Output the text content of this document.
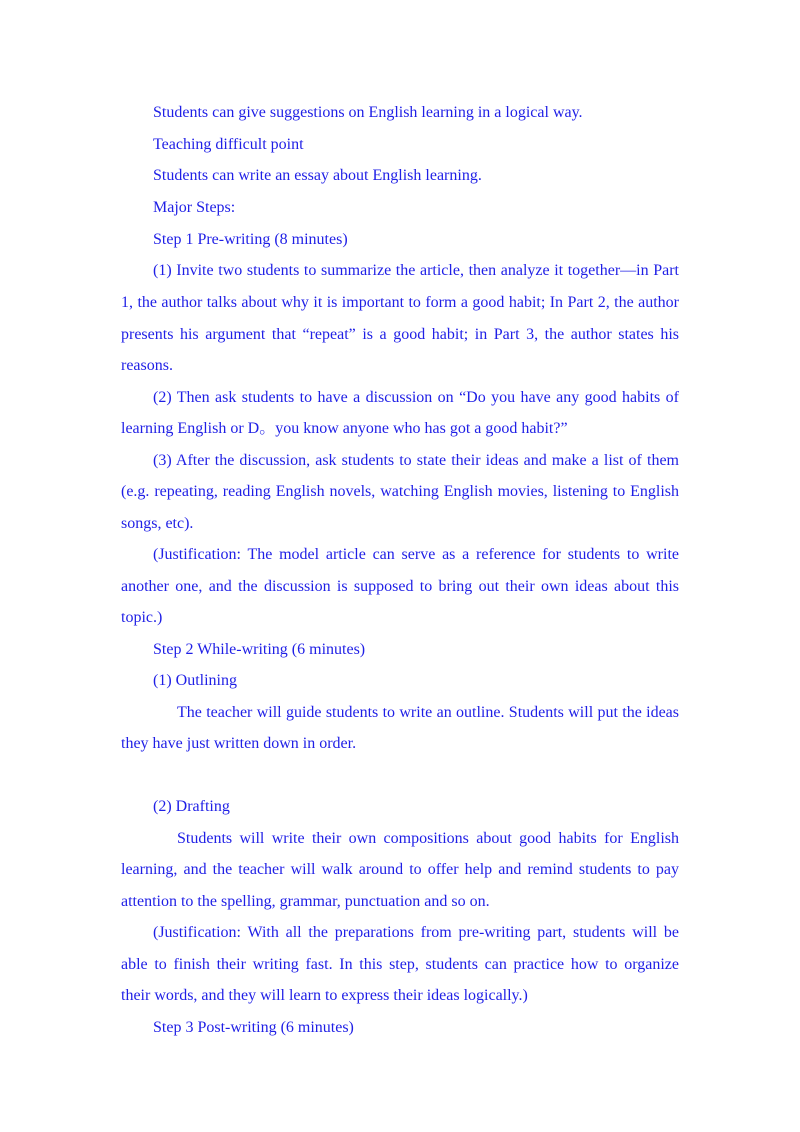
Students can give suggestions on English learning in a logical way.
Teaching difficult point
Students can write an essay about English learning.
Major Steps:
Step 1 Pre-writing (8 minutes)
(1) Invite two students to summarize the article, then analyze it together—in Part
1, the author talks about why it is important to form a good habit; In Part 2, the author
presents his argument that “repeat” is a good habit; in Part 3, the author states his
reasons.
(2) Then ask students to have a discussion on “Do you have any good habits of
learning English or D。you know anyone who has got a good habit?”
(3) After the discussion, ask students to state their ideas and make a list of them
(e.g. repeating, reading English novels, watching English movies, listening to English
songs, etc).
(Justification: The model article can serve as a reference for students to write
another one, and the discussion is supposed to bring out their own ideas about this
topic.)
Step 2 While-writing (6 minutes)
(1) Outlining
The teacher will guide students to write an outline. Students will put the ideas
they have just written down in order.
(2) Drafting
Students will write their own compositions about good habits for English
learning, and the teacher will walk around to offer help and remind students to pay
attention to the spelling, grammar, punctuation and so on.
(Justification: With all the preparations from pre-writing part, students will be
able to finish their writing fast. In this step, students can practice how to organize
their words, and they will learn to express their ideas logically.)
Step 3 Post-writing (6 minutes)
